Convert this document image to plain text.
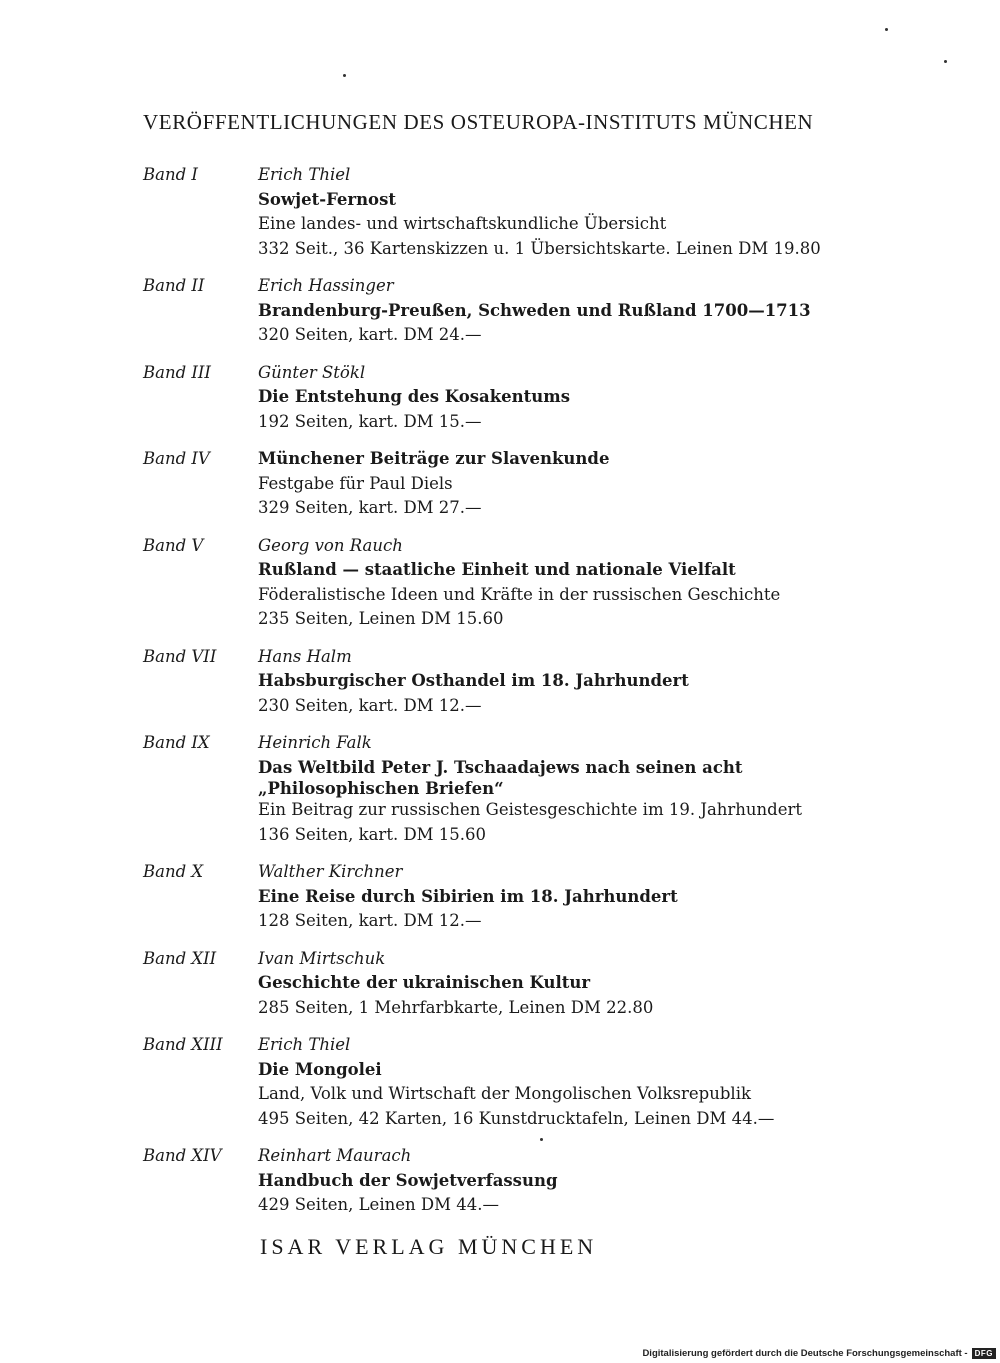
VERÖFFENTLICHUNGEN DES OSTEUROPA-INSTITUTS MÜNCHEN
Band I	Erich Thiel
Sowjet-Fernost
Eine landes- und wirtschaftskundliche Übersicht
332 Seit., 36 Kartenskizzen u. 1 Übersichtskarte. Leinen DM 19.80
Band II	Erich Hassinger
Brandenburg-Preußen, Schweden und Rußland 1700—1713
320 Seiten, kart. DM 24.—
Band III	Günter Stökl
Die Entstehung des Kosakentums
192 Seiten, kart. DM 15.—
Band IV	Münchener Beiträge zur Slavenkunde
Festgabe für Paul Diels
329 Seiten, kart. DM 27.—
Band V	Georg von Rauch
Rußland — staatliche Einheit und nationale Vielfalt
Föderalistische Ideen und Kräfte in der russischen Geschichte
235 Seiten, Leinen DM 15.60
Band VII	Hans Halm
Habsburgischer Osthandel im 18. Jahrhundert
230 Seiten, kart. DM 12.—
Band IX	Heinrich Falk
Das Weltbild Peter J. Tschaadajews nach seinen acht
„Philosophischen Briefen“
Ein Beitrag zur russischen Geistesgeschichte im 19. Jahrhundert
136 Seiten, kart. DM 15.60
Band X	Walther Kirchner
Eine Reise durch Sibirien im 18. Jahrhundert
128 Seiten, kart. DM 12.—
Band XII	Ivan Mirtschuk
Geschichte der ukrainischen Kultur
285 Seiten, 1 Mehrfarbkarte, Leinen DM 22.80
Band XIII	Erich Thiel
Die Mongolei
Land, Volk und Wirtschaft der Mongolischen Volksrepublik
495 Seiten, 42 Karten, 16 Kunstdrucktafeln, Leinen DM 44.—
Band XIV	Reinhart Maurach
Handbuch der Sowjetverfassung
429 Seiten, Leinen DM 44.—
ISAR VERLAG MÜNCHEN
Digitalisierung gefördert durch die Deutsche Forschungsgemeinschaft - DFG
